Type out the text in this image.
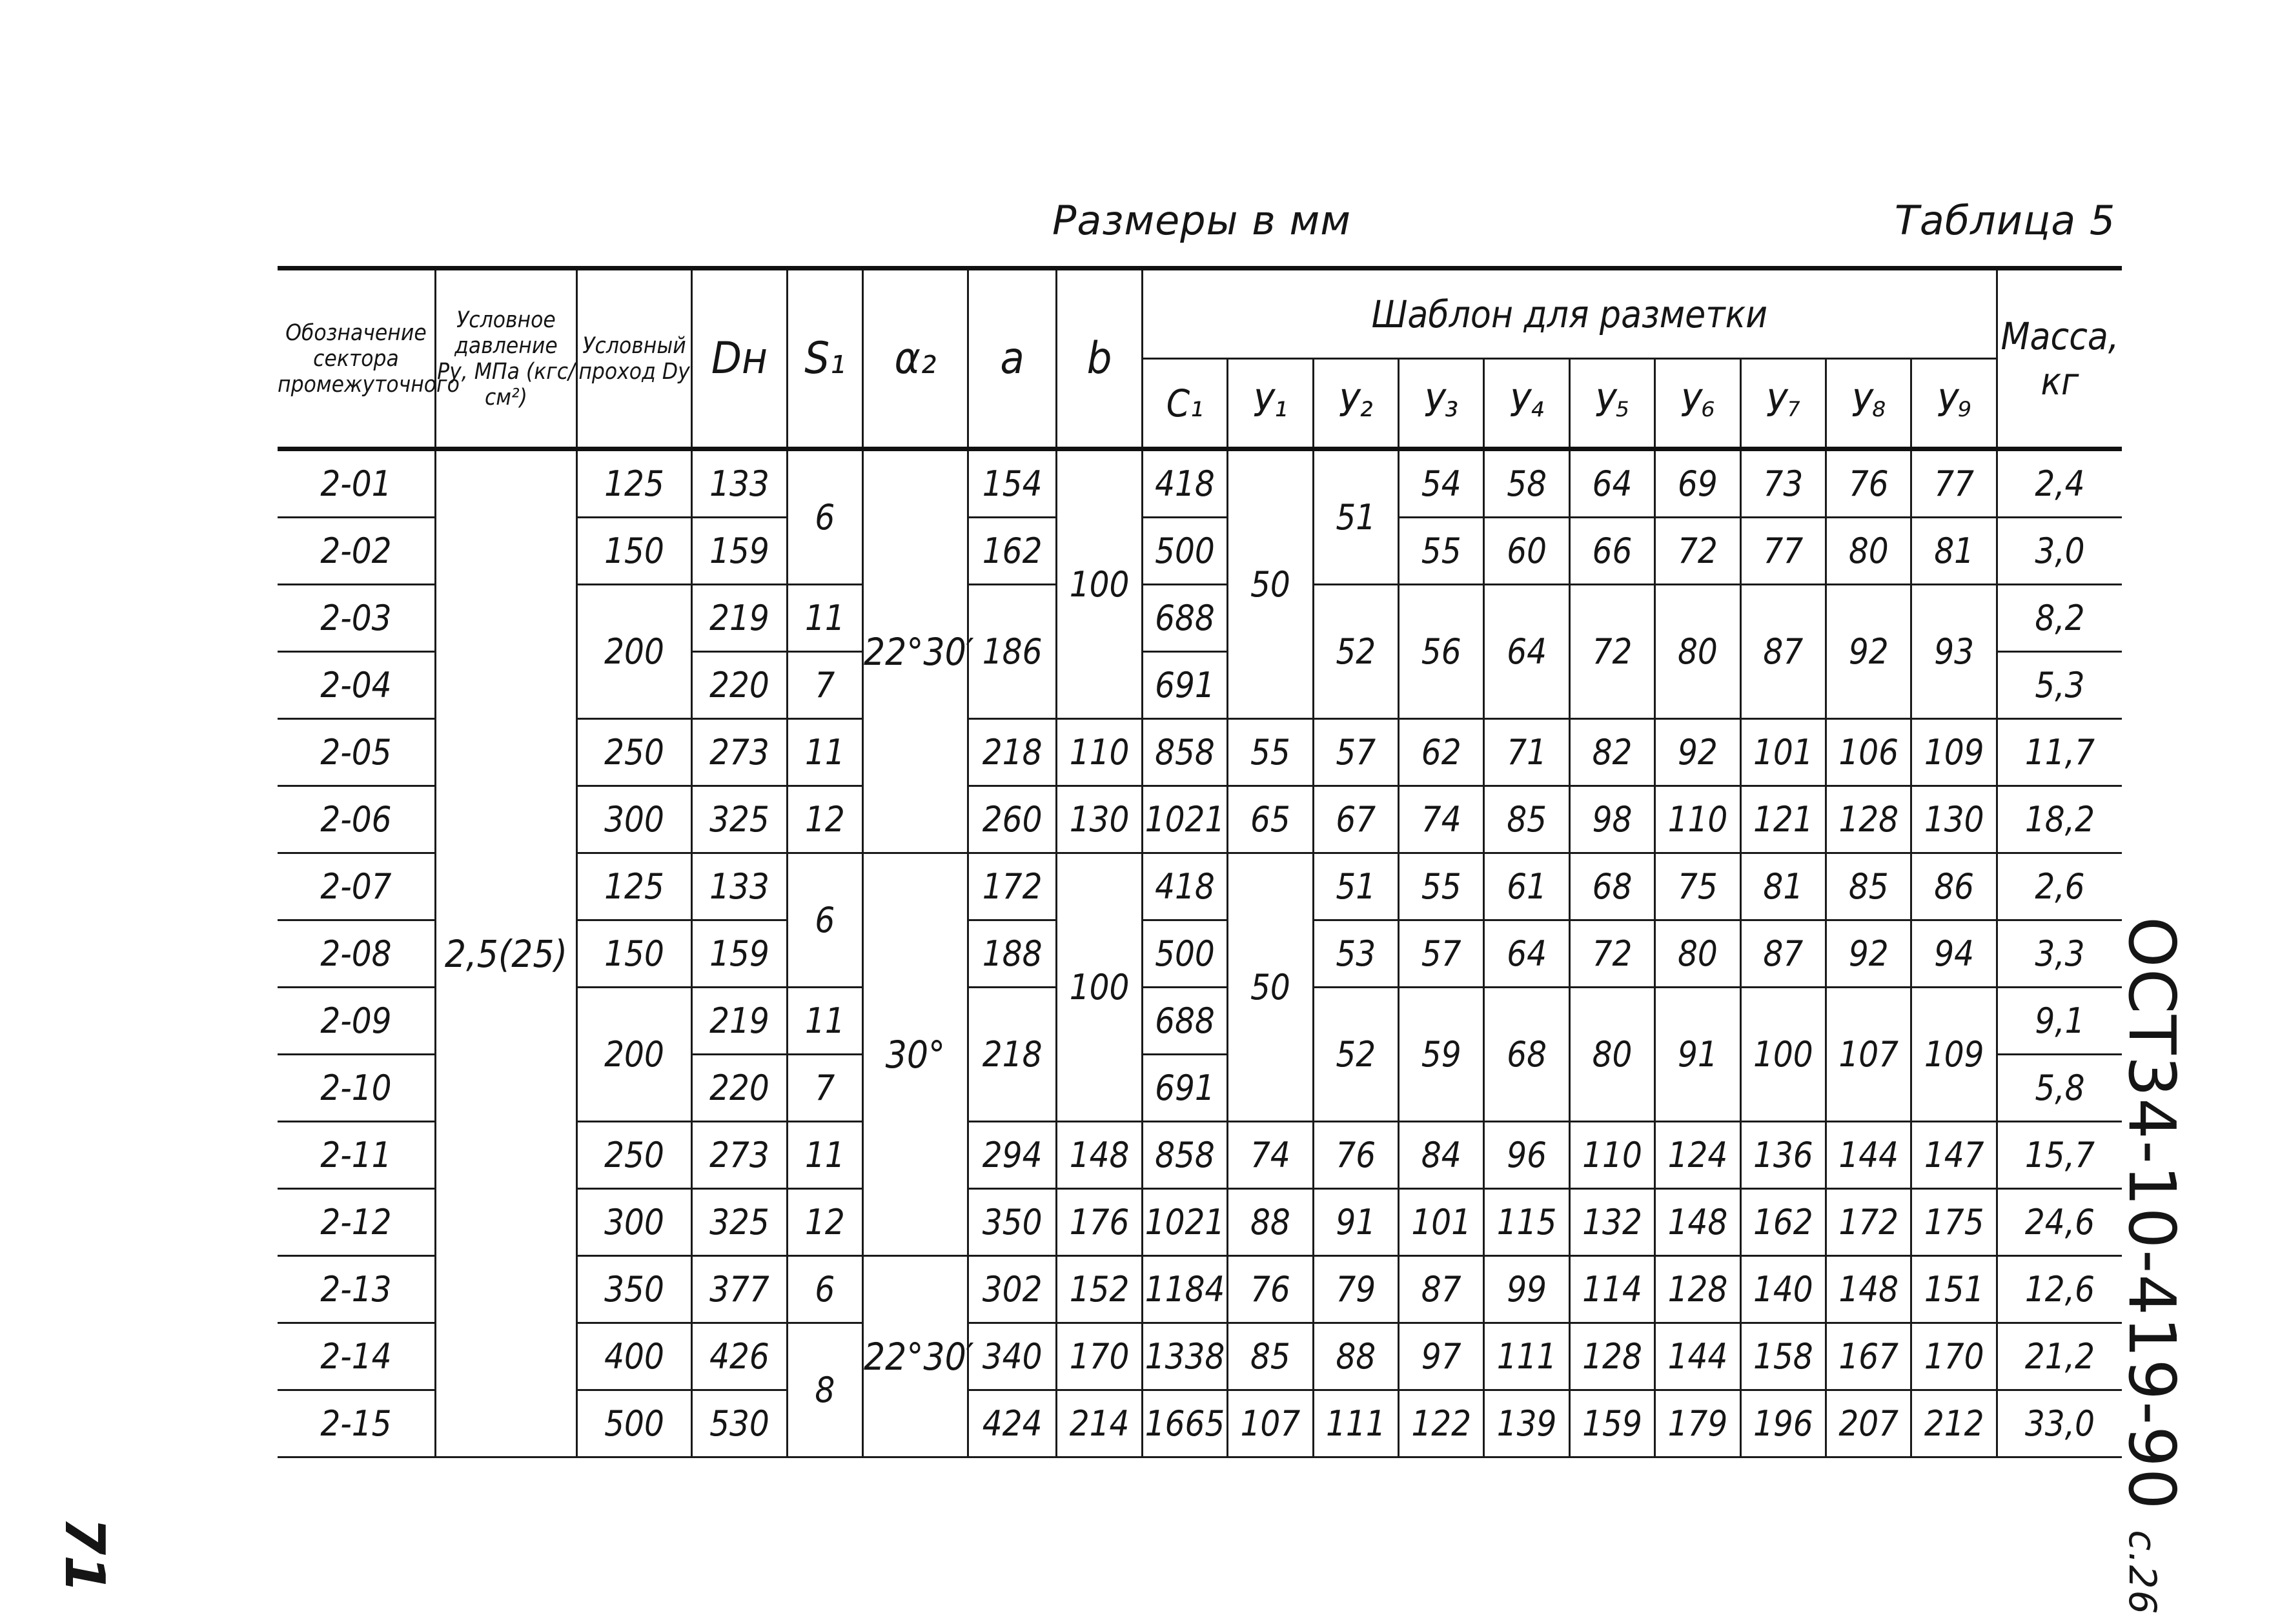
Размеры в мм	Таблица 5
Обозначение сектора промежуточного	Условное давление Ру, МПа (кгс/см²)	Условный проход Dу	Dн	S₁	α₂	a	b	Шаблон для разметки										Масса, кг
								C₁	У₁	У₂	У₃	У₄	У₅	У₆	У₇	У₈	У₉	
2-01	2,5(25)	125	133	6	22°30′	154	100	418	50	51	54	58	64	69	73	76	77	2,4
2-02		150	159			162		500			55	60	66	72	77	80	81	3,0
2-03		200	219	11		186		688		52	56	64	72	80	87	92	93	8,2
2-04			220	7				691										5,3
2-05		250	273	11		218	110	858	55	57	62	71	82	92	101	106	109	11,7
2-06		300	325	12		260	130	1021	65	67	74	85	98	110	121	128	130	18,2
2-07		125	133	6	30°	172	100	418	50	51	55	61	68	75	81	85	86	2,6
2-08		150	159			188		500		53	57	64	72	80	87	92	94	3,3
2-09		200	219	11		218		688		52	59	68	80	91	100	107	109	9,1
2-10			220	7				691										5,8
2-11		250	273	11		294	148	858	74	76	84	96	110	124	136	144	147	15,7
2-12		300	325	12		350	176	1021	88	91	101	115	132	148	162	172	175	24,6
2-13		350	377	6	22°30′	302	152	1184	76	79	87	99	114	128	140	148	151	12,6
2-14		400	426	8		340	170	1338	85	88	97	111	128	144	158	167	170	21,2
2-15		500	530			424	214	1665	107	111	122	139	159	179	196	207	212	33,0 ОСТ34-10-419-90с.26
71
